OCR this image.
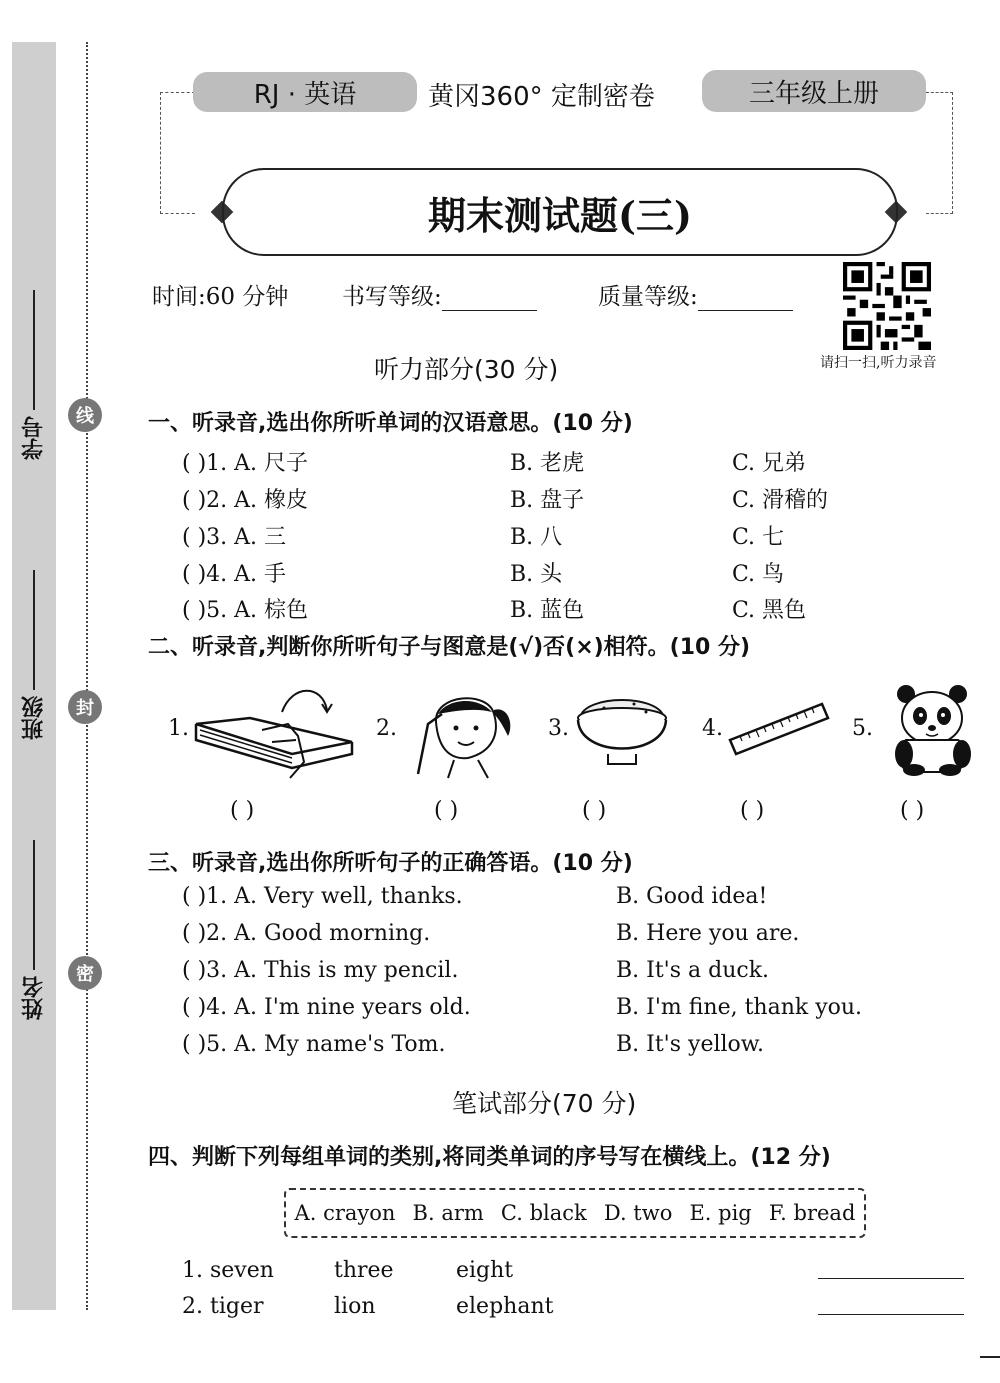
学号
班级
姓名
线
封
密
RJ · 英语	黄冈360° 定制密卷	三年级上册
期末测试题(三)
时间:60 分钟 书写等级:	质量等级:
请扫一扫,听力录音
听力部分(30 分)
一、听录音,选出你所听单词的汉语意思。(10 分)
( )1. A. 尺子	B. 老虎	C. 兄弟
( )2. A. 橡皮	B. 盘子	C. 滑稽的
( )3. A. 三	B. 八	C. 七
( )4. A. 手	B. 头	C. 鸟
( )5. A. 棕色	B. 蓝色	C. 黑色
二、听录音,判断你所听句子与图意是(√)否(×)相符。(10 分)
1.	2.	3.	4.	5.
( )	( )	( )	( )	( )
三、听录音,选出你所听句子的正确答语。(10 分)
( )1. A. Very well, thanks.	B. Good idea!
( )2. A. Good morning.	B. Here you are.
( )3. A. This is my pencil.	B. It's a duck.
( )4. A. I'm nine years old.	B. I'm fine, thank you.
( )5. A. My name's Tom.	B. It's yellow.
笔试部分(70 分)
四、判断下列每组单词的类别,将同类单词的序号写在横线上。(12 分)
A. crayon B. arm C. black D. two E. pig F. bread
1. seven	three	eight
2. tiger	lion	elephant
